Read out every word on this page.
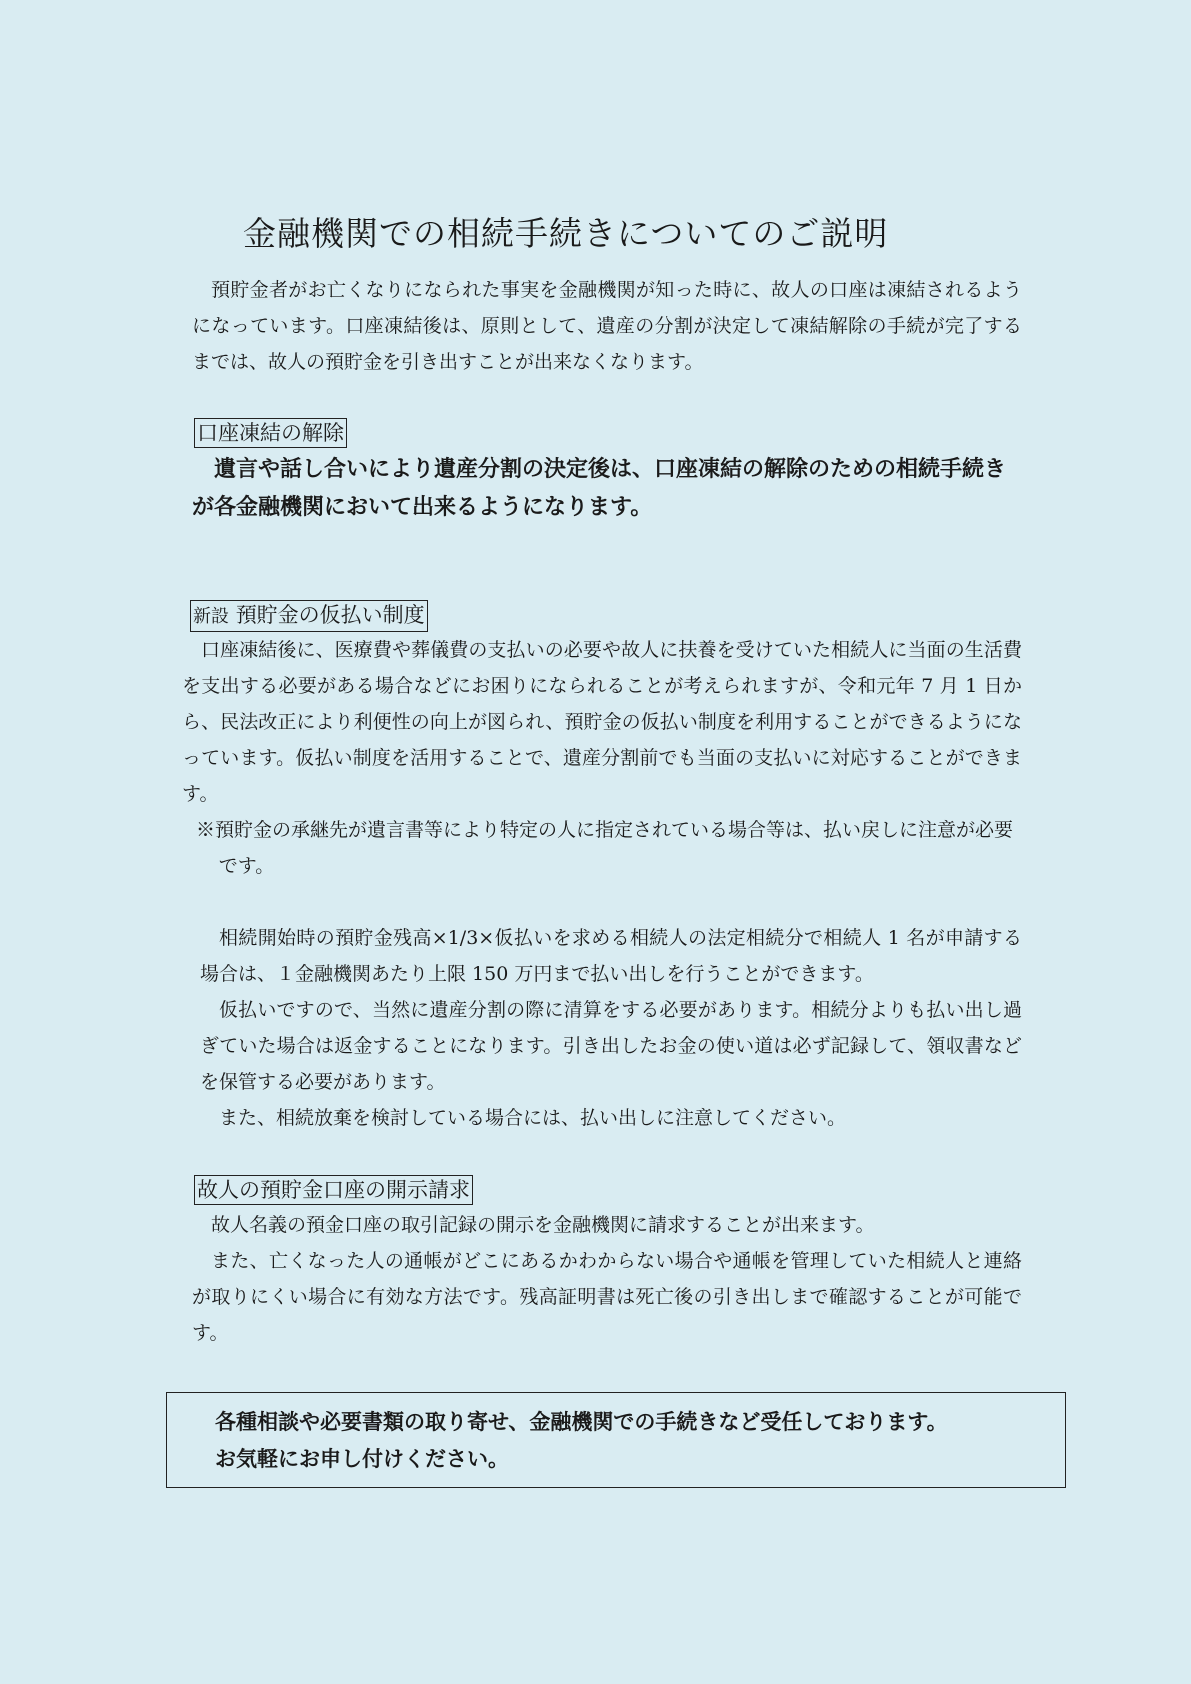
金融機関での相続手続きについてのご説明

預貯金者がお亡くなりになられた事実を金融機関が知った時に、故人の口座は凍結されるようになっています。口座凍結後は、原則として、遺産の分割が決定して凍結解除の手続が完了するまでは、故人の預貯金を引き出すことが出来なくなります。

口座凍結の解除

遺言や話し合いにより遺産分割の決定後は、口座凍結の解除のための相続手続きが各金融機関において出来るようになります。

新設 預貯金の仮払い制度

口座凍結後に、医療費や葬儀費の支払いの必要や故人に扶養を受けていた相続人に当面の生活費を支出する必要がある場合などにお困りになられることが考えられますが、令和元年 7 月 1 日から、民法改正により利便性の向上が図られ、預貯金の仮払い制度を利用することができるようになっています。仮払い制度を活用することで、遺産分割前でも当面の支払いに対応することができます。

※預貯金の承継先が遺言書等により特定の人に指定されている場合等は、払い戻しに注意が必要です。

相続開始時の預貯金残高×1/3×仮払いを求める相続人の法定相続分で相続人 1 名が申請する場合は、１金融機関あたり上限 150 万円まで払い出しを行うことができます。

仮払いですので、当然に遺産分割の際に清算をする必要があります。相続分よりも払い出し過ぎていた場合は返金することになります。引き出したお金の使い道は必ず記録して、領収書などを保管する必要があります。

また、相続放棄を検討している場合には、払い出しに注意してください。

故人の預貯金口座の開示請求

故人名義の預金口座の取引記録の開示を金融機関に請求することが出来ます。

また、亡くなった人の通帳がどこにあるかわからない場合や通帳を管理していた相続人と連絡が取りにくい場合に有効な方法です。残高証明書は死亡後の引き出しまで確認することが可能です。

各種相談や必要書類の取り寄せ、金融機関での手続きなど受任しております。

お気軽にお申し付けください。
